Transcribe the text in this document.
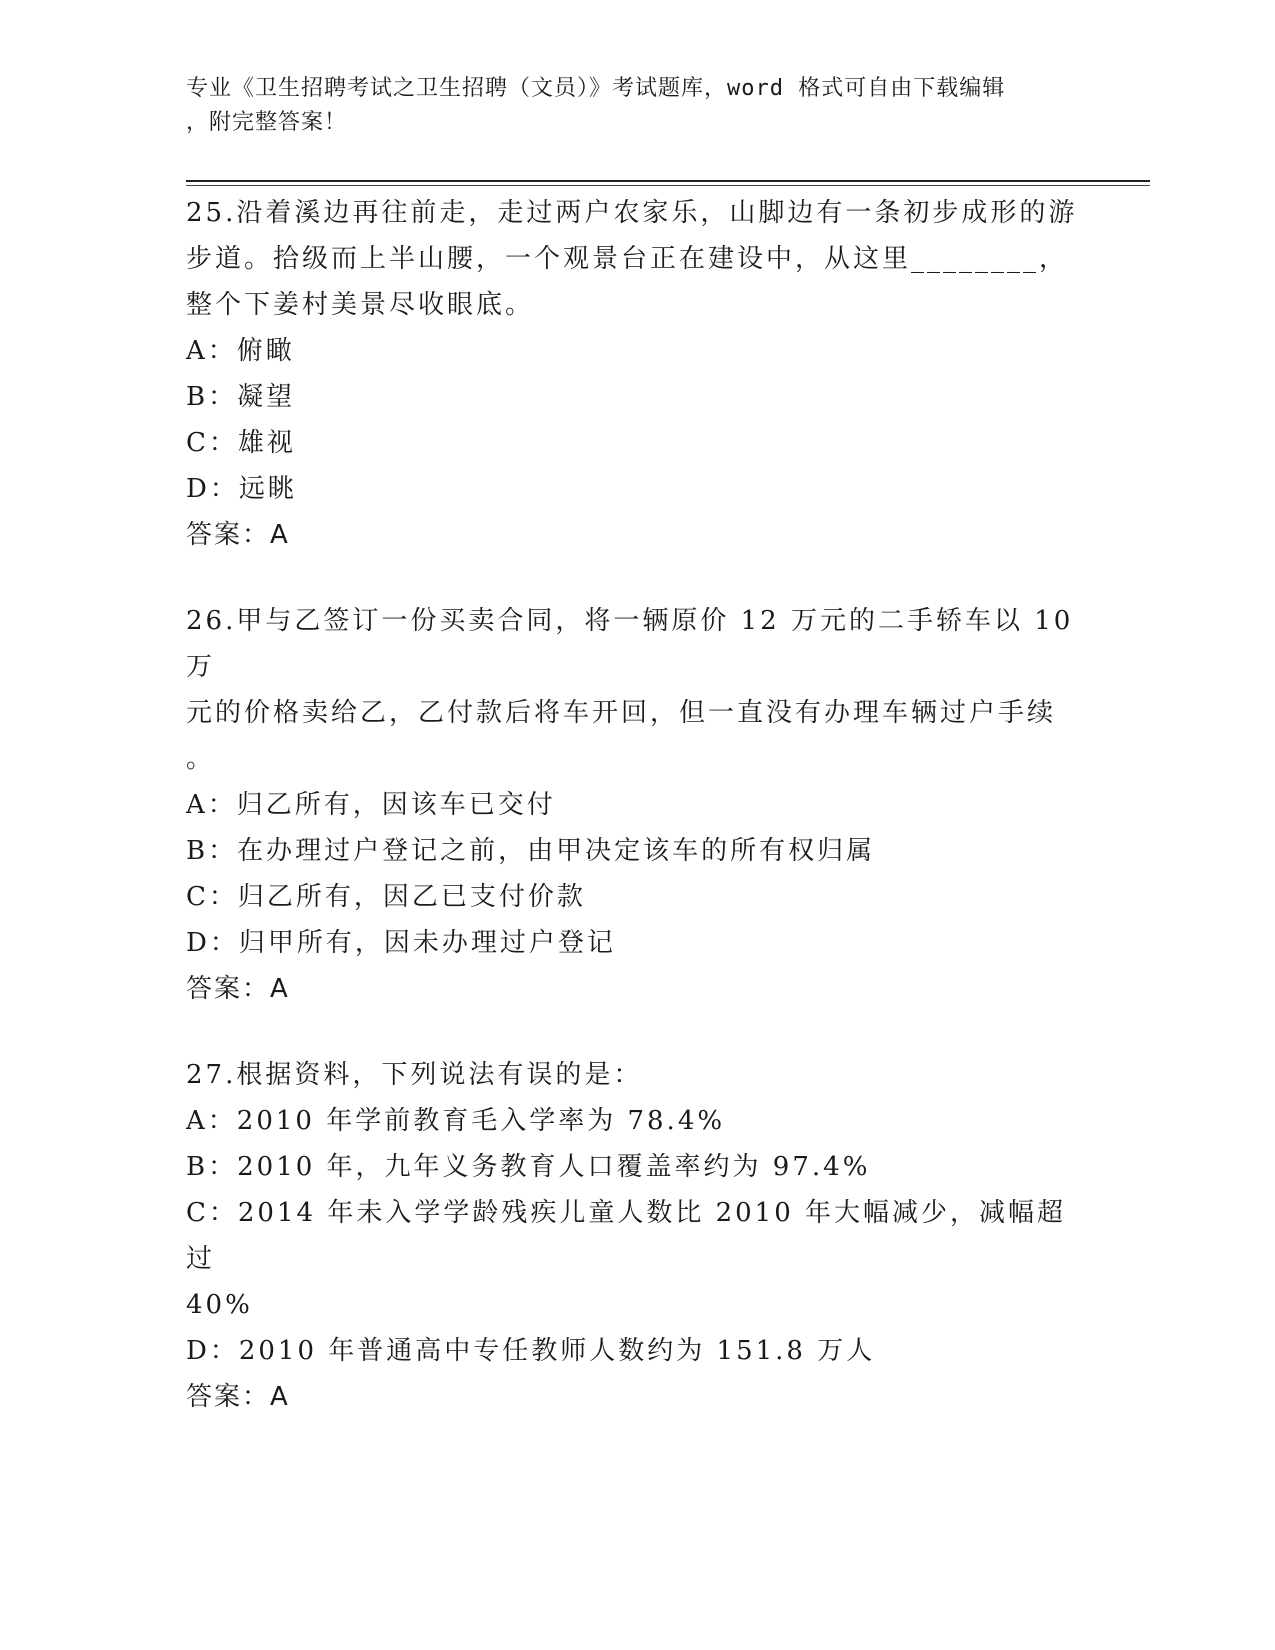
专业《卫生招聘考试之卫生招聘（文员）》考试题库，word 格式可自由下载编辑
，附完整答案！

25.沿着溪边再往前走，走过两户农家乐，山脚边有一条初步成形的游

步道。拾级而上半山腰，一个观景台正在建设中，从这里________，

整个下姜村美景尽收眼底。

A：俯瞰

B：凝望

C：雄视

D：远眺

答案：A

26.甲与乙签订一份买卖合同，将一辆原价 12 万元的二手轿车以 10 万

元的价格卖给乙，乙付款后将车开回，但一直没有办理车辆过户手续

。

A：归乙所有，因该车已交付

B：在办理过户登记之前，由甲决定该车的所有权归属

C：归乙所有，因乙已支付价款

D：归甲所有，因未办理过户登记

答案：A

27.根据资料，下列说法有误的是：

A：2010 年学前教育毛入学率为 78.4%

B：2010 年，九年义务教育人口覆盖率约为 97.4%

C：2014 年未入学学龄残疾儿童人数比 2010 年大幅减少，减幅超过

40%

D：2010 年普通高中专任教师人数约为 151.8 万人

答案：A
